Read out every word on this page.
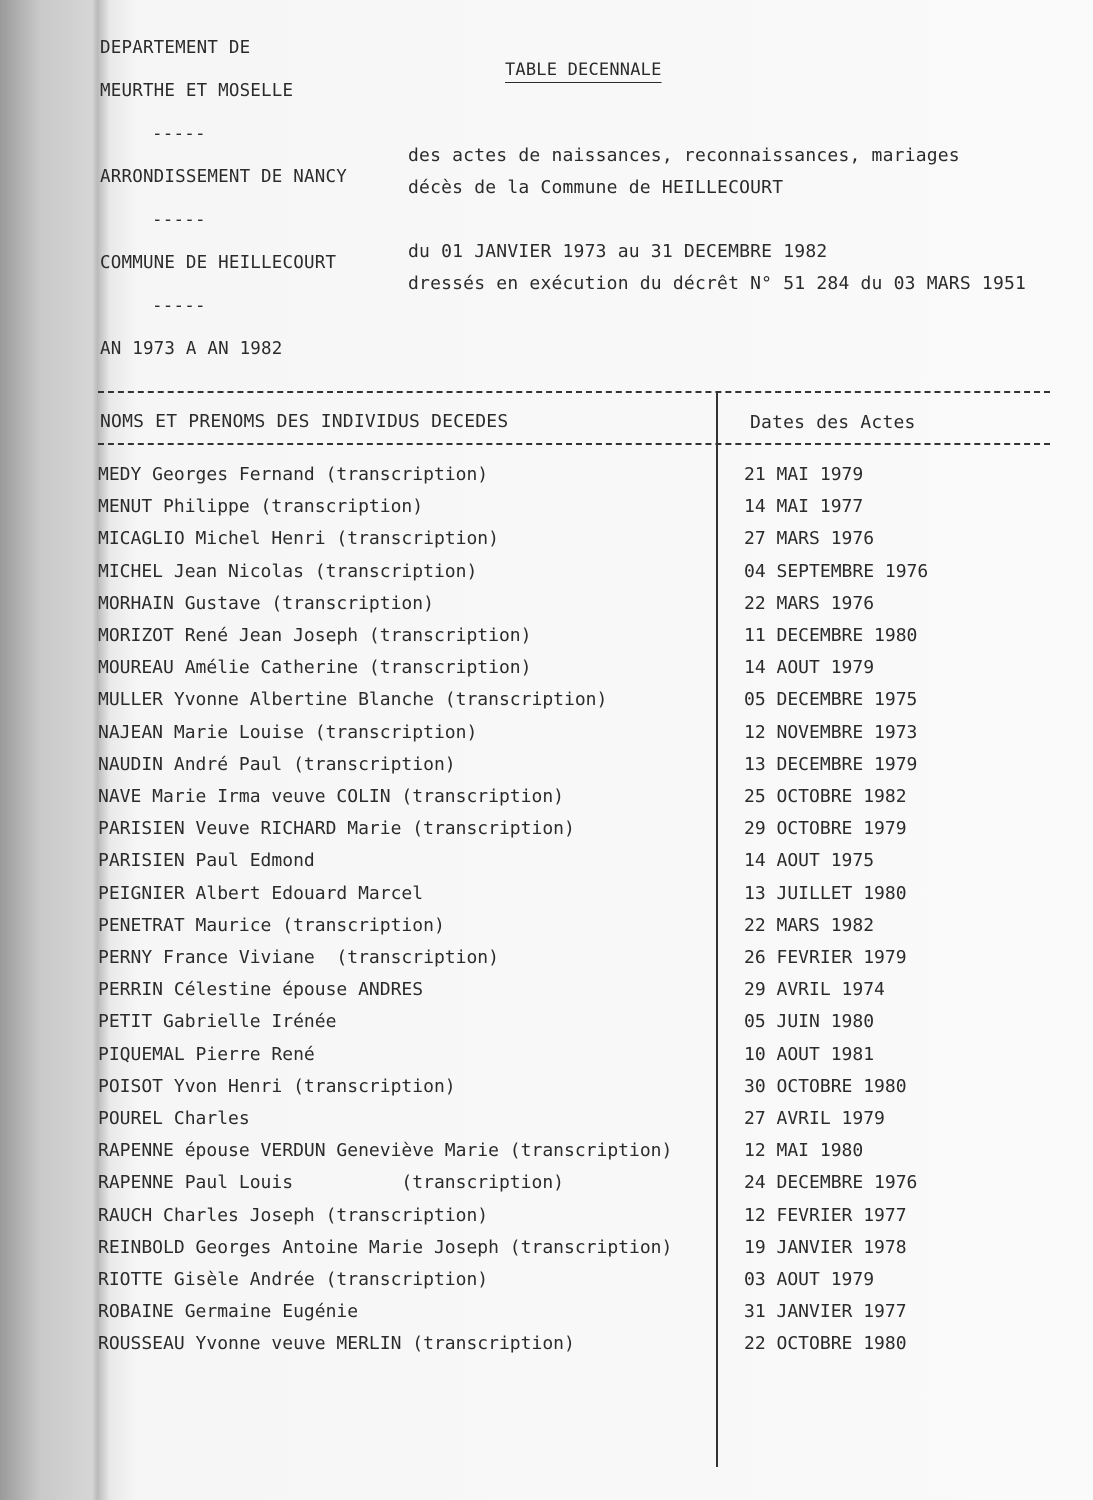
DEPARTEMENT DE
MEURTHE ET MOSELLE
-----
ARRONDISSEMENT DE NANCY
-----
COMMUNE DE HEILLECOURT
-----
AN 1973 A AN 1982
TABLE DECENNALE
des actes de naissances, reconnaissances, mariages
décès de la Commune de HEILLECOURT
du 01 JANVIER 1973 au 31 DECEMBRE 1982
dressés en exécution du décrêt N° 51 284 du 03 MARS 1951
NOMS ET PRENOMS DES INDIVIDUS DECEDES	Dates des Actes
MEDY Georges Fernand (transcription)	21 MAI 1979
MENUT Philippe (transcription)	14 MAI 1977
MICAGLIO Michel Henri (transcription)	27 MARS 1976
MICHEL Jean Nicolas (transcription)	04 SEPTEMBRE 1976
MORHAIN Gustave (transcription)	22 MARS 1976
MORIZOT René Jean Joseph (transcription)	11 DECEMBRE 1980
MOUREAU Amélie Catherine (transcription)	14 AOUT 1979
MULLER Yvonne Albertine Blanche (transcription)	05 DECEMBRE 1975
NAJEAN Marie Louise (transcription)	12 NOVEMBRE 1973
NAUDIN André Paul (transcription)	13 DECEMBRE 1979
NAVE Marie Irma veuve COLIN (transcription)	25 OCTOBRE 1982
PARISIEN Veuve RICHARD Marie (transcription)	29 OCTOBRE 1979
PARISIEN Paul Edmond	14 AOUT 1975
PEIGNIER Albert Edouard Marcel	13 JUILLET 1980
PENETRAT Maurice (transcription)	22 MARS 1982
PERNY France Viviane  (transcription)	26 FEVRIER 1979
PERRIN Célestine épouse ANDRES	29 AVRIL 1974
PETIT Gabrielle Irénée	05 JUIN 1980
PIQUEMAL Pierre René	10 AOUT 1981
POISOT Yvon Henri (transcription)	30 OCTOBRE 1980
POUREL Charles	27 AVRIL 1979
RAPENNE épouse VERDUN Geneviève Marie (transcription)	12 MAI 1980
RAPENNE Paul Louis          (transcription)	24 DECEMBRE 1976
RAUCH Charles Joseph (transcription)	12 FEVRIER 1977
REINBOLD Georges Antoine Marie Joseph (transcription)	19 JANVIER 1978
RIOTTE Gisèle Andrée (transcription)	03 AOUT 1979
ROBAINE Germaine Eugénie	31 JANVIER 1977
ROUSSEAU Yvonne veuve MERLIN (transcription)	22 OCTOBRE 1980
